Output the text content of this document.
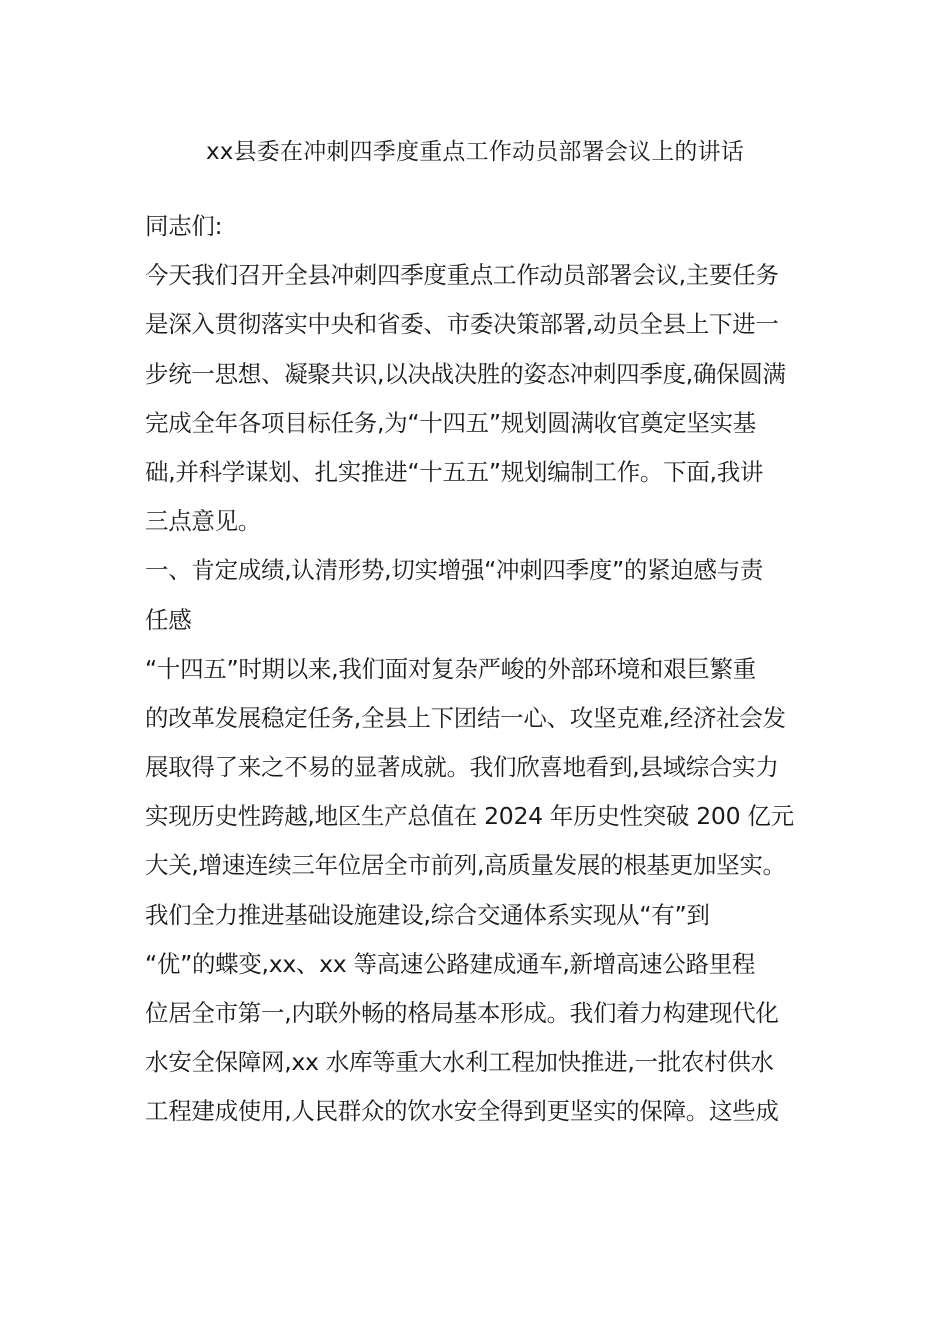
xx县委在冲刺四季度重点工作动员部署会议上的讲话
同志们:
今天我们召开全县冲刺四季度重点工作动员部署会议,主要任务
是深入贯彻落实中央和省委、市委决策部署,动员全县上下进一
步统一思想、凝聚共识,以决战决胜的姿态冲刺四季度,确保圆满
完成全年各项目标任务,为“十四五”规划圆满收官奠定坚实基
础,并科学谋划、扎实推进“十五五”规划编制工作。下面,我讲
三点意见。
一、肯定成绩,认清形势,切实增强“冲刺四季度”的紧迫感与责
任感
“十四五”时期以来,我们面对复杂严峻的外部环境和艰巨繁重
的改革发展稳定任务,全县上下团结一心、攻坚克难,经济社会发
展取得了来之不易的显著成就。我们欣喜地看到,县域综合实力
实现历史性跨越,地区生产总值在 2024 年历史性突破 200 亿元
大关,增速连续三年位居全市前列,高质量发展的根基更加坚实。
我们全力推进基础设施建设,综合交通体系实现从“有”到
“优”的蝶变,xx、xx 等高速公路建成通车,新增高速公路里程
位居全市第一,内联外畅的格局基本形成。我们着力构建现代化
水安全保障网,xx 水库等重大水利工程加快推进,一批农村供水
工程建成使用,人民群众的饮水安全得到更坚实的保障。这些成
